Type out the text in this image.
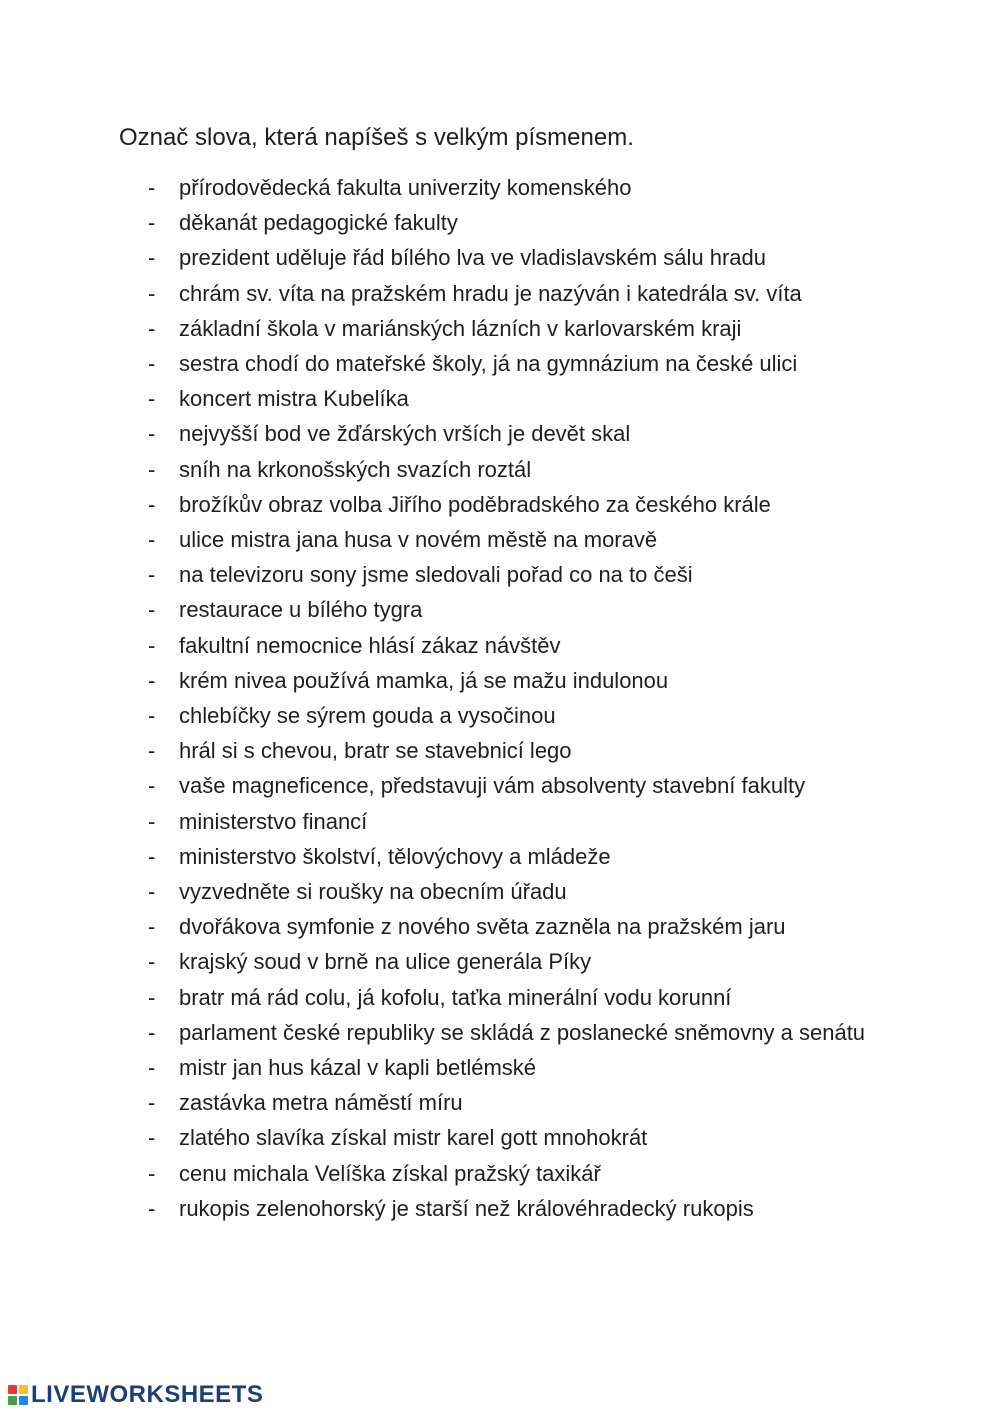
Označ slova, která napíšeš s velkým písmenem.
-	přírodovědecká fakulta univerzity komenského
-	děkanát pedagogické fakulty
-	prezident uděluje řád bílého lva ve vladislavském sálu hradu
-	chrám sv. víta na pražském hradu je nazýván i katedrála sv. víta
-	základní škola v mariánských lázních v karlovarském kraji
-	sestra chodí do mateřské školy, já na gymnázium na české ulici
-	koncert mistra Kubelíka
-	nejvyšší bod ve žďárských vrších je devět skal
-	sníh na krkonošských svazích roztál
-	brožíkův obraz volba Jiřího poděbradského za českého krále
-	ulice mistra jana husa v novém městě na moravě
-	na televizoru sony jsme sledovali pořad co na to češi
-	restaurace u bílého tygra
-	fakultní nemocnice hlásí zákaz návštěv
-	krém nivea používá mamka, já se mažu indulonou
-	chlebíčky se sýrem gouda a vysočinou
-	hrál si s chevou, bratr se stavebnicí lego
-	vaše magneficence, představuji vám absolventy stavební fakulty
-	ministerstvo financí
-	ministerstvo školství, tělovýchovy a mládeže
-	vyzvedněte si roušky na obecním úřadu
-	dvořákova symfonie z nového světa zazněla na pražském jaru
-	krajský soud v brně na ulice generála Píky
-	bratr má rád colu, já kofolu, taťka minerální vodu korunní
-	parlament české republiky se skládá z poslanecké sněmovny a senátu
-	mistr jan hus kázal v kapli betlémské
-	zastávka metra náměstí míru
-	zlatého slavíka získal mistr karel gott mnohokrát
-	cenu michala Velíška získal pražský taxikář
-	rukopis zelenohorský je starší než královéhradecký rukopis
LIVEWORKSHEETS
